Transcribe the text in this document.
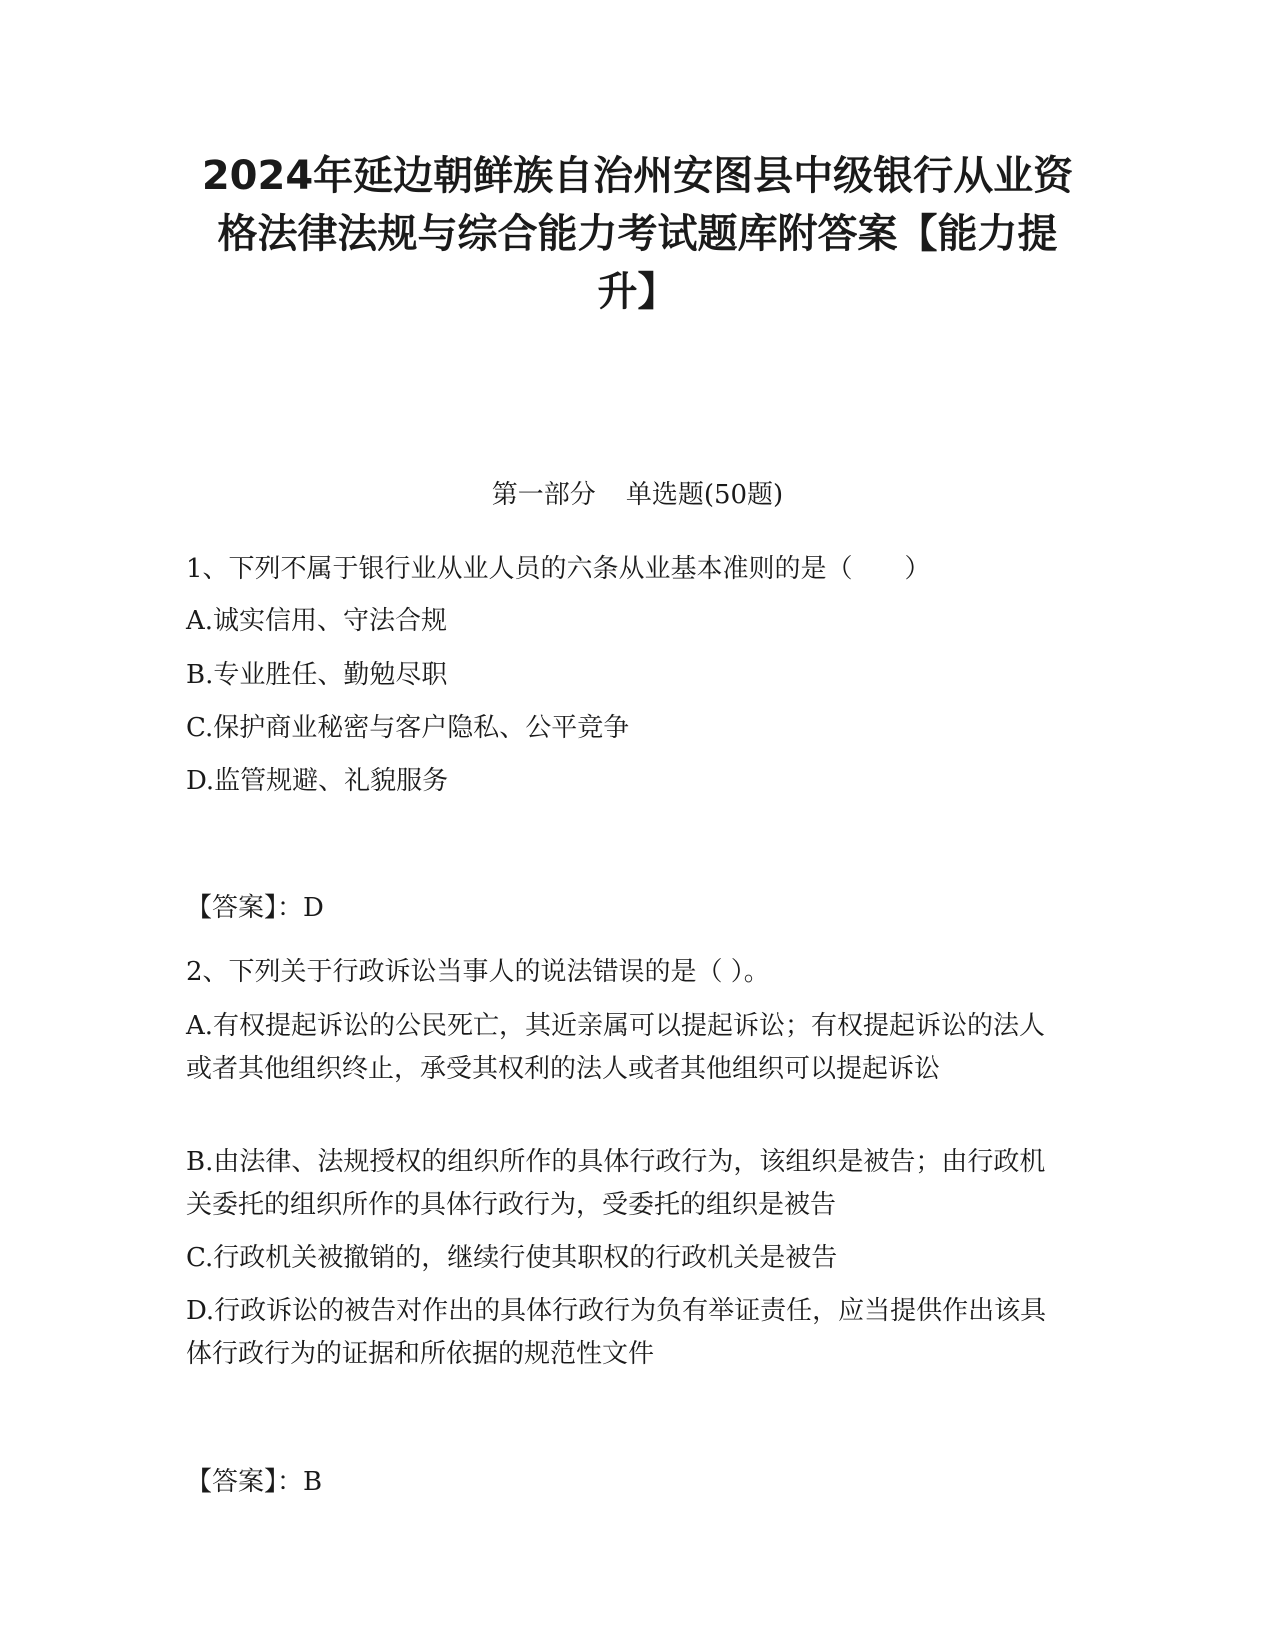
2024年延边朝鲜族自治州安图县中级银行从业资
格法律法规与综合能力考试题库附答案【能力提
升】
第一部分 单选题(50题)
1、下列不属于银行业从业人员的六条从业基本准则的是（　　）
A.诚实信用、守法合规
B.专业胜任、勤勉尽职
C.保护商业秘密与客户隐私、公平竞争
D.监管规避、礼貌服务
【答案】：D
2、下列关于行政诉讼当事人的说法错误的是（ ）。
A.有权提起诉讼的公民死亡，其近亲属可以提起诉讼；有权提起诉讼的法人或者其他组织终止，承受其权利的法人或者其他组织可以提起诉讼
B.由法律、法规授权的组织所作的具体行政行为，该组织是被告；由行政机关委托的组织所作的具体行政行为，受委托的组织是被告
C.行政机关被撤销的，继续行使其职权的行政机关是被告
D.行政诉讼的被告对作出的具体行政行为负有举证责任，应当提供作出该具体行政行为的证据和所依据的规范性文件
【答案】：B
